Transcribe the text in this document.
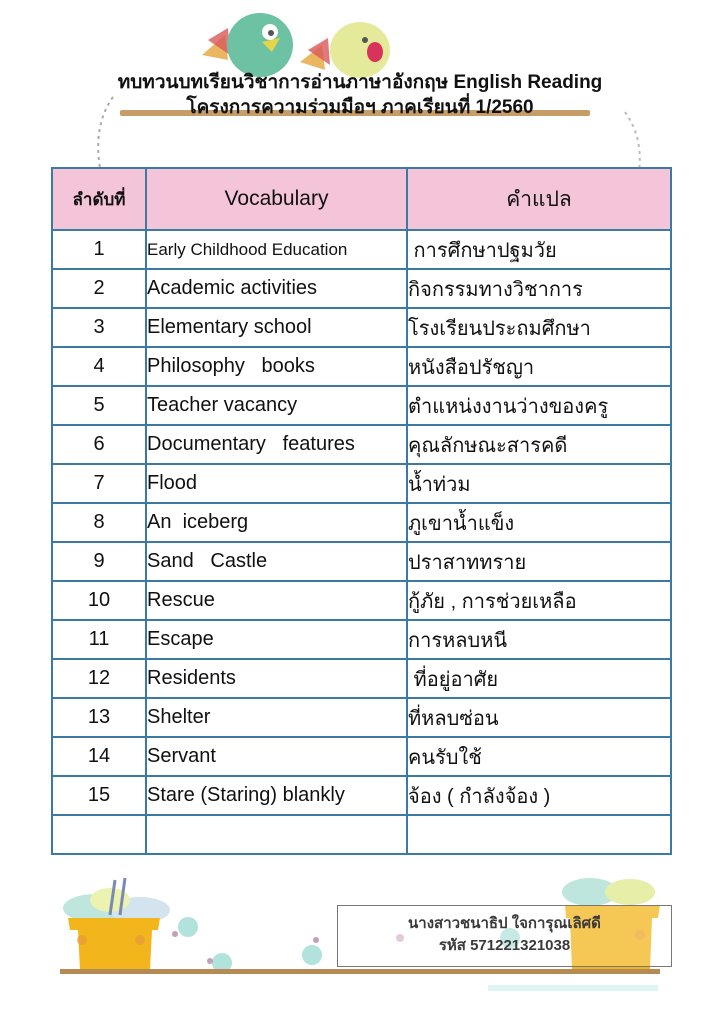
ทบทวนบทเรียนวิชาการอ่านภาษาอังกฤษ English Reading
โครงการความร่วมมือฯ ภาคเรียนที่ 1/2560
ลำดับที่	Vocabulary	คำแปล
1	Early Childhood Education	การศึกษาปฐมวัย
2	Academic activities	กิจกรรมทางวิชาการ
3	Elementary school	โรงเรียนประถมศึกษา
4	Philosophy   books	หนังสือปรัชญา
5	Teacher vacancy	ตำแหน่งงานว่างของครู
6	Documentary   features	คุณลักษณะสารคดี
7	Flood	น้ำท่วม
8	An  iceberg	ภูเขาน้ำแข็ง
9	Sand   Castle	ปราสาททราย
10	Rescue	กู้ภัย , การช่วยเหลือ
11	Escape	การหลบหนี
12	Residents	ที่อยู่อาศัย
13	Shelter	ที่หลบซ่อน
14	Servant	คนรับใช้
15	Stare (Staring) blankly	จ้อง ( กำลังจ้อง )

นางสาวชนาธิป ใจการุณเลิศดี
รหัส 571221321038
